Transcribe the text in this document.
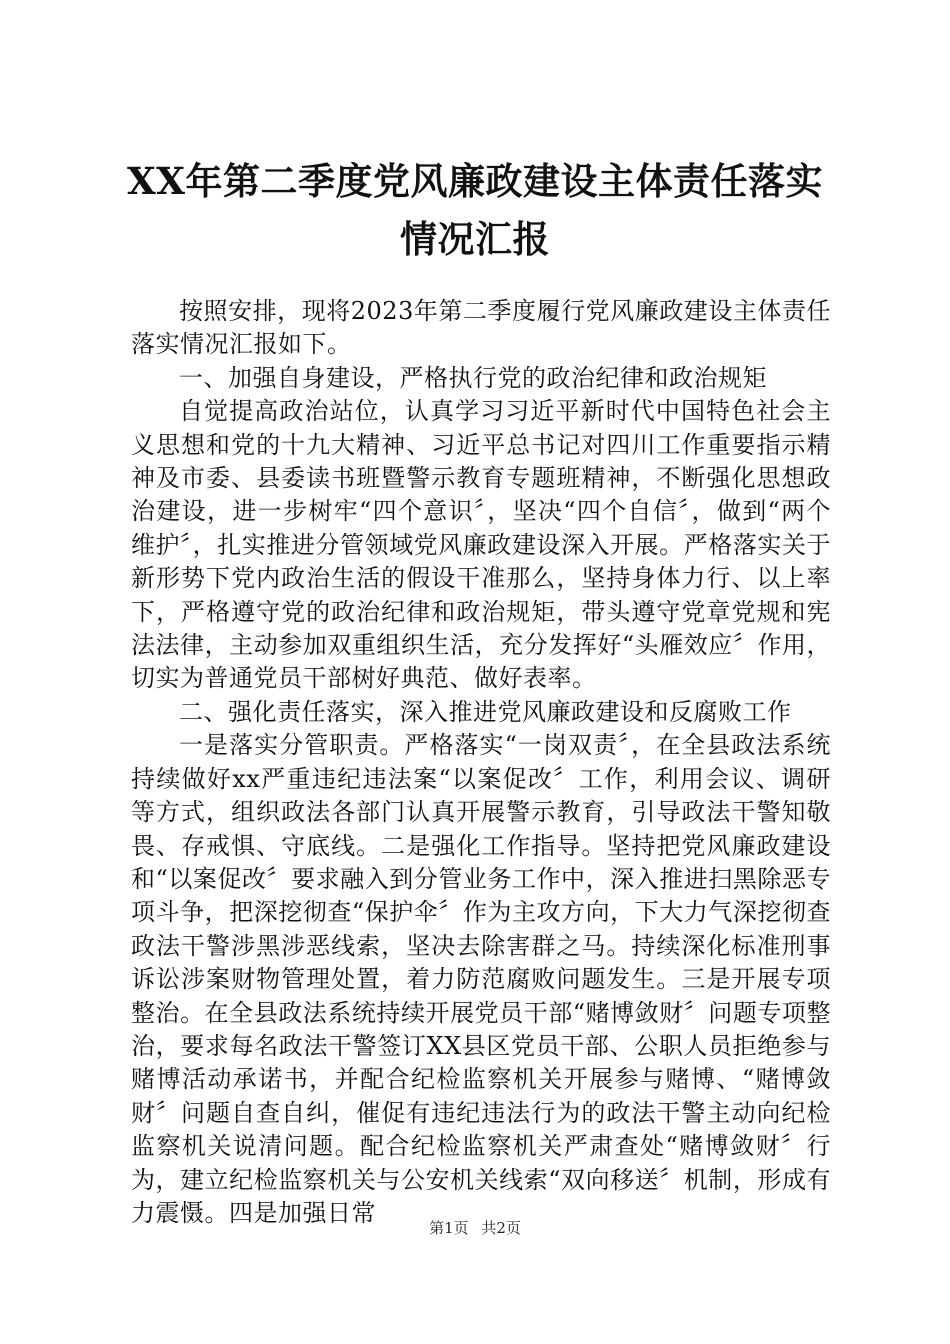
XX年第二季度党风廉政建设主体责任落实情况汇报

按照安排，现将2023年第二季度履行党风廉政建设主体责任落实情况汇报如下。

一、加强自身建设，严格执行党的政治纪律和政治规矩

自觉提高政治站位，认真学习习近平新时代中国特色社会主义思想和党的十九大精神、习近平总书记对四川工作重要指示精神及市委、县委读书班暨警示教育专题班精神，不断强化思想政治建设，进一步树牢“四个意识〞，坚决“四个自信〞，做到“两个维护〞，扎实推进分管领域党风廉政建设深入开展。严格落实关于新形势下党内政治生活的假设干准那么，坚持身体力行、以上率下，严格遵守党的政治纪律和政治规矩，带头遵守党章党规和宪法法律，主动参加双重组织生活，充分发挥好“头雁效应〞作用，切实为普通党员干部树好典范、做好表率。

二、强化责任落实，深入推进党风廉政建设和反腐败工作

一是落实分管职责。严格落实“一岗双责〞，在全县政法系统持续做好xx严重违纪违法案“以案促改〞工作，利用会议、调研等方式，组织政法各部门认真开展警示教育，引导政法干警知敬畏、存戒惧、守底线。二是强化工作指导。坚持把党风廉政建设和“以案促改〞要求融入到分管业务工作中，深入推进扫黑除恶专项斗争，把深挖彻查“保护伞〞作为主攻方向，下大力气深挖彻查政法干警涉黑涉恶线索，坚决去除害群之马。持续深化标准刑事诉讼涉案财物管理处置，着力防范腐败问题发生。三是开展专项整治。在全县政法系统持续开展党员干部“赌博敛财〞问题专项整治，要求每名政法干警签订XX县区党员干部、公职人员拒绝参与赌博活动承诺书，并配合纪检监察机关开展参与赌博、“赌博敛财〞问题自查自纠，催促有违纪违法行为的政法干警主动向纪检监察机关说清问题。配合纪检监察机关严肃查处“赌博敛财〞行为，建立纪检监察机关与公安机关线索“双向移送〞机制，形成有力震慑。四是加强日常

第1页 共2页
